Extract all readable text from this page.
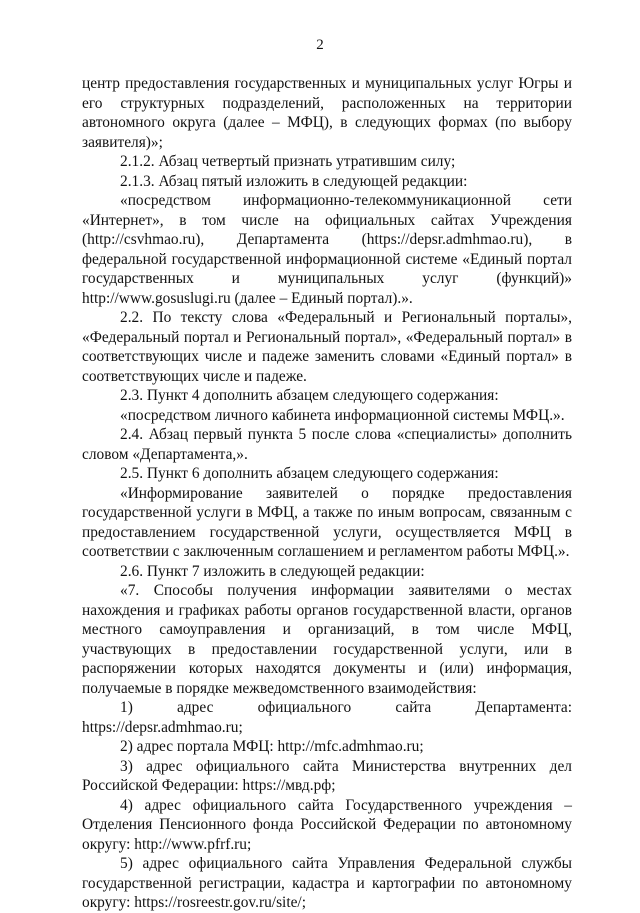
2

центр предоставления государственных и муниципальных услуг Югры и его структурных подразделений, расположенных на территории автономного округа (далее – МФЦ), в следующих формах (по выбору заявителя)»;

2.1.2. Абзац четвертый признать утратившим силу;

2.1.3. Абзац пятый изложить в следующей редакции:

«посредством информационно-телекоммуникационной сети «Интернет», в том числе на официальных сайтах Учреждения (http://csvhmao.ru), Департамента (https://depsr.admhmao.ru), в федеральной государственной информационной системе «Единый портал государственных и муниципальных услуг (функций)» http://www.gosuslugi.ru (далее – Единый портал).».

2.2. По тексту слова «Федеральный и Региональный порталы», «Федеральный портал и Региональный портал», «Федеральный портал» в соответствующих числе и падеже заменить словами «Единый портал» в соответствующих числе и падеже.

2.3. Пункт 4 дополнить абзацем следующего содержания:

«посредством личного кабинета информационной системы МФЦ.».

2.4. Абзац первый пункта 5 после слова «специалисты» дополнить словом «Департамента,».

2.5. Пункт 6 дополнить абзацем следующего содержания:

«Информирование заявителей о порядке предоставления государственной услуги в МФЦ, а также по иным вопросам, связанным с предоставлением государственной услуги, осуществляется МФЦ в соответствии с заключенным соглашением и регламентом работы МФЦ.».

2.6. Пункт 7 изложить в следующей редакции:

«7. Способы получения информации заявителями о местах нахождения и графиках работы органов государственной власти, органов местного самоуправления и организаций, в том числе МФЦ, участвующих в предоставлении государственной услуги, или в распоряжении которых находятся документы и (или) информация, получаемые в порядке межведомственного взаимодействия:

1) адрес официального сайта Департамента: https://depsr.admhmao.ru;

2) адрес портала МФЦ: http://mfc.admhmao.ru;

3) адрес официального сайта Министерства внутренних дел Российской Федерации: https://мвд.рф;

4) адрес официального сайта Государственного учреждения – Отделения Пенсионного фонда Российской Федерации по автономному округу: http://www.pfrf.ru;

5) адрес официального сайта Управления Федеральной службы государственной регистрации, кадастра и картографии по автономному округу: https://rosreestr.gov.ru/site/;
